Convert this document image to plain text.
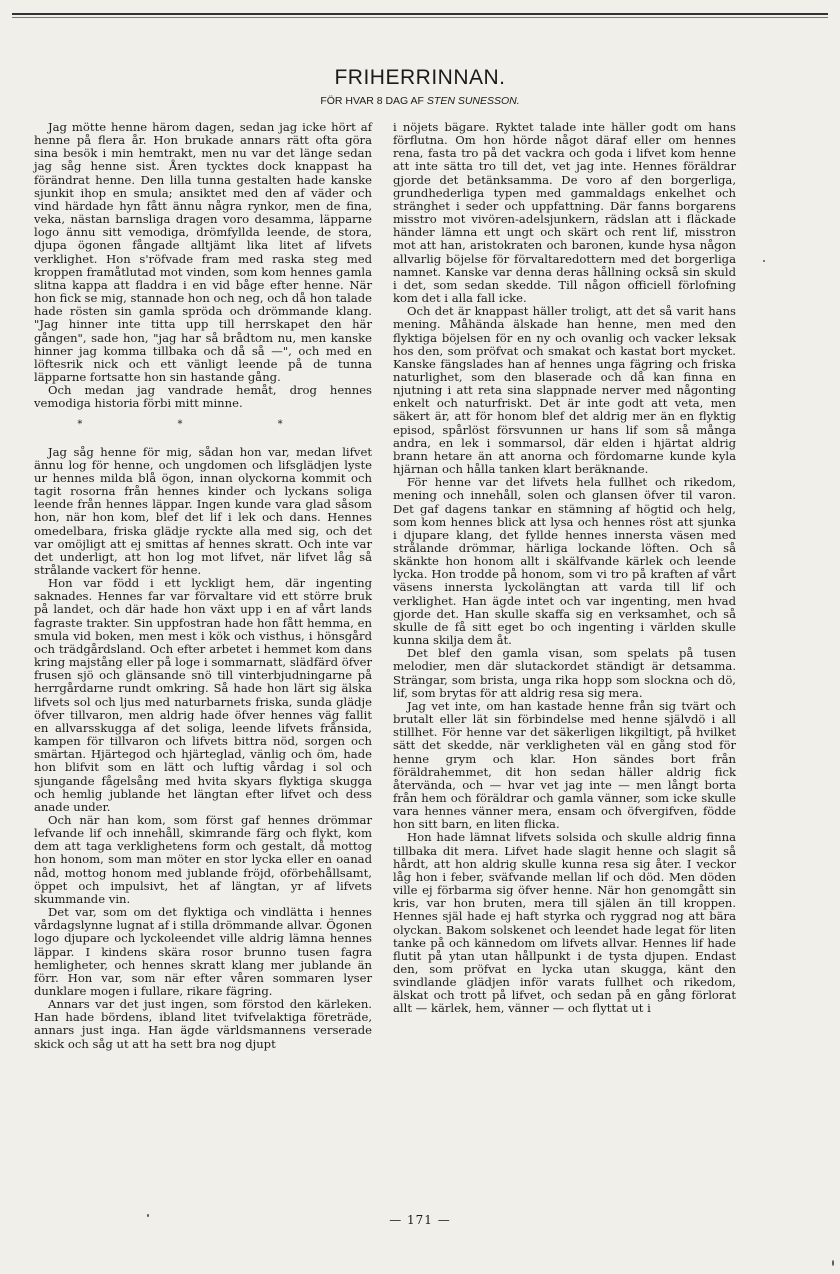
FRIHERRINNAN.
FÖR HVAR 8 DAG AF STEN SUNESSON.

Jag mötte henne härom dagen, sedan jag icke hört af henne på flera år. Hon brukade annars rätt ofta göra sina besök i min hemtrakt, men nu var det länge sedan jag såg henne sist. Åren tycktes dock knappast ha förändrat henne. Den lilla tunna gestalten hade kanske sjunkit ihop en smula; ansiktet med den af väder och vind härdade hyn fått ännu några rynkor, men de fina, veka, nästan barnsliga dragen voro desamma, läpparne logo ännu sitt vemodiga, drömfyllda leende, de stora, djupa ögonen fångade alltjämt lika litet af lifvets verklighet. Hon s'röfvade fram med raska steg med kroppen framåtlutad mot vinden, som kom hennes gamla slitna kappa att fladdra i en vid båge efter henne. När hon fick se mig, stannade hon och neg, och då hon talade hade rösten sin gamla spröda och drömmande klang. "Jag hinner inte titta upp till herrskapet den här gången", sade hon, "jag har så brådtom nu, men kanske hinner jag komma tillbaka och då så —", och med en löftesrik nick och ett vänligt leende på de tunna läpparne fortsatte hon sin hastande gång.

Och medan jag vandrade hemåt, drog hennes vemodiga historia förbi mitt minne.

* * *

Jag såg henne för mig, sådan hon var, medan lifvet ännu log för henne, och ungdomen och lifsglädjen lyste ur hennes milda blå ögon, innan olyckorna kommit och tagit rosorna från hennes kinder och lyckans soliga leende från hennes läppar. Ingen kunde vara glad såsom hon, när hon kom, blef det lif i lek och dans. Hennes omedelbara, friska glädje ryckte alla med sig, och det var omöjligt att ej smittas af hennes skratt. Och inte var det underligt, att hon log mot lifvet, när lifvet låg så strålande vackert för henne.

Hon var född i ett lyckligt hem, där ingenting saknades. Hennes far var förvaltare vid ett större bruk på landet, och där hade hon växt upp i en af vårt lands fagraste trakter. Sin uppfostran hade hon fått hemma, en smula vid boken, men mest i kök och visthus, i hönsgård och trädgårdsland. Och efter arbetet i hemmet kom dans kring majstång eller på loge i sommarnatt, slädfärd öfver frusen sjö och glänsande snö till vinterbjudningarne på herrgårdarne rundt omkring. Så hade hon lärt sig älska lifvets sol och ljus med naturbarnets friska, sunda glädje öfver tillvaron, men aldrig hade öfver hennes väg fallit en allvarsskugga af det soliga, leende lifvets frånsida, kampen för tillvaron och lifvets bittra nöd, sorgen och smärtan. Hjärtegod och hjärteglad, vänlig och öm, hade hon blifvit som en lätt och luftig vårdag i sol och sjungande fågelsång med hvita skyars flyktiga skugga och hemlig jublande het längtan efter lifvet och dess anade under.

Och när han kom, som först gaf hennes drömmar lefvande lif och innehåll, skimrande färg och flykt, kom dem att taga verklighetens form och gestalt, då mottog hon honom, som man möter en stor lycka eller en oanad nåd, mottog honom med jublande fröjd, oförbehållsamt, öppet och impulsivt, het af längtan, yr af lifvets skummande vin.

Det var, som om det flyktiga och vindlätta i hennes vårdagslynne lugnat af i stilla drömmande allvar. Ögonen logo djupare och lyckoleendet ville aldrig lämna hennes läppar. I kindens skära rosor brunno tusen fagra hemligheter, och hennes skratt klang mer jublande än förr. Hon var, som när efter våren sommaren lyser dunklare mogen i fullare, rikare fägring.

Annars var det just ingen, som förstod den kärleken. Han hade bördens, ibland litet tvifvelaktiga företräde, annars just inga. Han ägde världsmannens verserade skick och såg ut att ha sett bra nog djupt

i nöjets bägare. Ryktet talade inte häller godt om hans förflutna. Om hon hörde något däraf eller om hennes rena, fasta tro på det vackra och goda i lifvet kom henne att inte sätta tro till det, vet jag inte. Hennes föräldrar gjorde det betänksamma. De voro af den borgerliga, grundhederliga typen med gammaldags enkelhet och stränghet i seder och uppfattning. Där fanns borgarens misstro mot vivören-adelsjunkern, rädslan att i fläckade händer lämna ett ungt och skärt och rent lif, misstron mot att han, aristokraten och baronen, kunde hysa någon allvarlig böjelse för förvaltaredottern med det borgerliga namnet. Kanske var denna deras hållning också sin skuld i det, som sedan skedde. Till någon officiell förlofning kom det i alla fall icke.

Och det är knappast häller troligt, att det så varit hans mening. Måhända älskade han henne, men med den flyktiga böjelsen för en ny och ovanlig och vacker leksak hos den, som pröfvat och smakat och kastat bort mycket. Kanske fängslades han af hennes unga fägring och friska naturlighet, som den blaserade och då kan finna en njutning i att reta sina slappnade nerver med någonting enkelt och naturfriskt. Det är inte godt att veta, men säkert är, att för honom blef det aldrig mer än en flyktig episod, spårlöst försvunnen ur hans lif som så många andra, en lek i sommarsol, där elden i hjärtat aldrig brann hetare än att anorna och fördomarne kunde kyla hjärnan och hålla tanken klart beräknande.

För henne var det lifvets hela fullhet och rikedom, mening och innehåll, solen och glansen öfver til varon. Det gaf dagens tankar en stämning af högtid och helg, som kom hennes blick att lysa och hennes röst att sjunka i djupare klang, det fyllde hennes innersta väsen med strålande drömmar, härliga lockande löften. Och så skänkte hon honom allt i skälfvande kärlek och leende lycka. Hon trodde på honom, som vi tro på kraften af vårt väsens innersta lyckolängtan att varda till lif och verklighet. Han ägde intet och var ingenting, men hvad gjorde det. Han skulle skaffa sig en verksamhet, och så skulle de få sitt eget bo och ingenting i världen skulle kunna skilja dem åt.

Det blef den gamla visan, som spelats på tusen melodier, men där slutackordet ständigt är detsamma. Strängar, som brista, unga rika hopp som slockna och dö, lif, som brytas för att aldrig resa sig mera.

Jag vet inte, om han kastade henne från sig tvärt och brutalt eller lät sin förbindelse med henne självdö i all stillhet. För henne var det säkerligen likgiltigt, på hvilket sätt det skedde, när verkligheten väl en gång stod för henne grym och klar. Hon sändes bort från föräldrahemmet, dit hon sedan häller aldrig fick återvända, och — hvar vet jag inte — men långt borta från hem och föräldrar och gamla vänner, som icke skulle vara hennes vänner mera, ensam och öfvergifven, födde hon sitt barn, en liten flicka.

Hon hade lämnat lifvets solsida och skulle aldrig finna tillbaka dit mera. Lifvet hade slagit henne och slagit så hårdt, att hon aldrig skulle kunna resa sig åter. I veckor låg hon i feber, sväfvande mellan lif och död. Men döden ville ej förbarma sig öfver henne. När hon genomgått sin kris, var hon bruten, mera till själen än till kroppen. Hennes själ hade ej haft styrka och ryggrad nog att bära olyckan. Bakom solskenet och leendet hade legat för liten tanke på och kännedom om lifvets allvar. Hennes lif hade flutit på ytan utan hållpunkt i de tysta djupen. Endast den, som pröfvat en lycka utan skugga, känt den svindlande glädjen inför varats fullhet och rikedom, älskat och trott på lifvet, och sedan på en gång förlorat allt — kärlek, hem, vänner — och flyttat ut i

— 171 —
